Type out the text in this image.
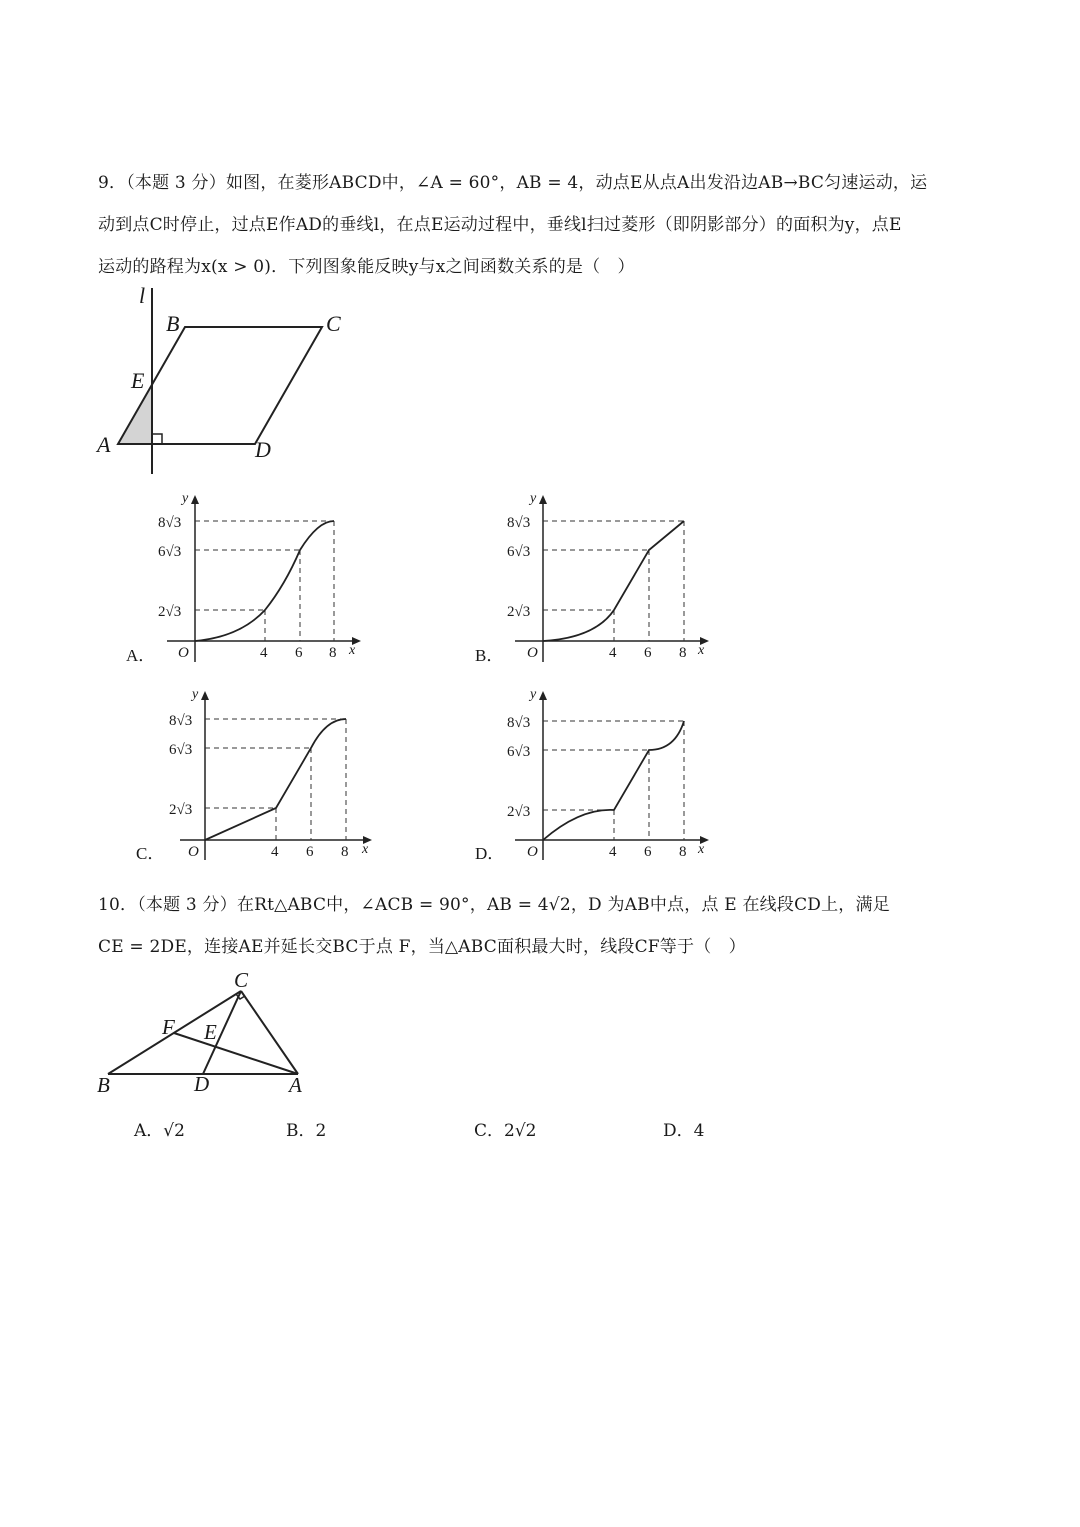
9．（本题 3 分）如图，在菱形ABCD中，∠A = 60°，AB = 4，动点E从点A出发沿边AB→BC匀速运动，运
动到点C时停止，过点E作AD的垂线l，在点E运动过程中，垂线l扫过菱形（即阴影部分）的面积为y，点E
运动的路程为x(x > 0)．下列图象能反映y与x之间函数关系的是（　）
l
B	C
E
A	D
A．
y
8√3
6√3
2√3
O	4 6 8 x	B．
y
8√3
6√3
2√3
O	4 6 8 x
C．
y
8√3
6√3
2√3
O	4 6 8 x	D．
y
8√3
6√3
2√3
O	4 6 8 x
10．（本题 3 分）在Rt△ABC中，∠ACB = 90°，AB = 4√2，D 为AB中点，点 E 在线段CD上，满足
CE = 2DE，连接AE并延长交BC于点 F，当△ABC面积最大时，线段CF等于（　）
C
F E
B	D	A
A．√2	B．2	C．2√2	D．4
